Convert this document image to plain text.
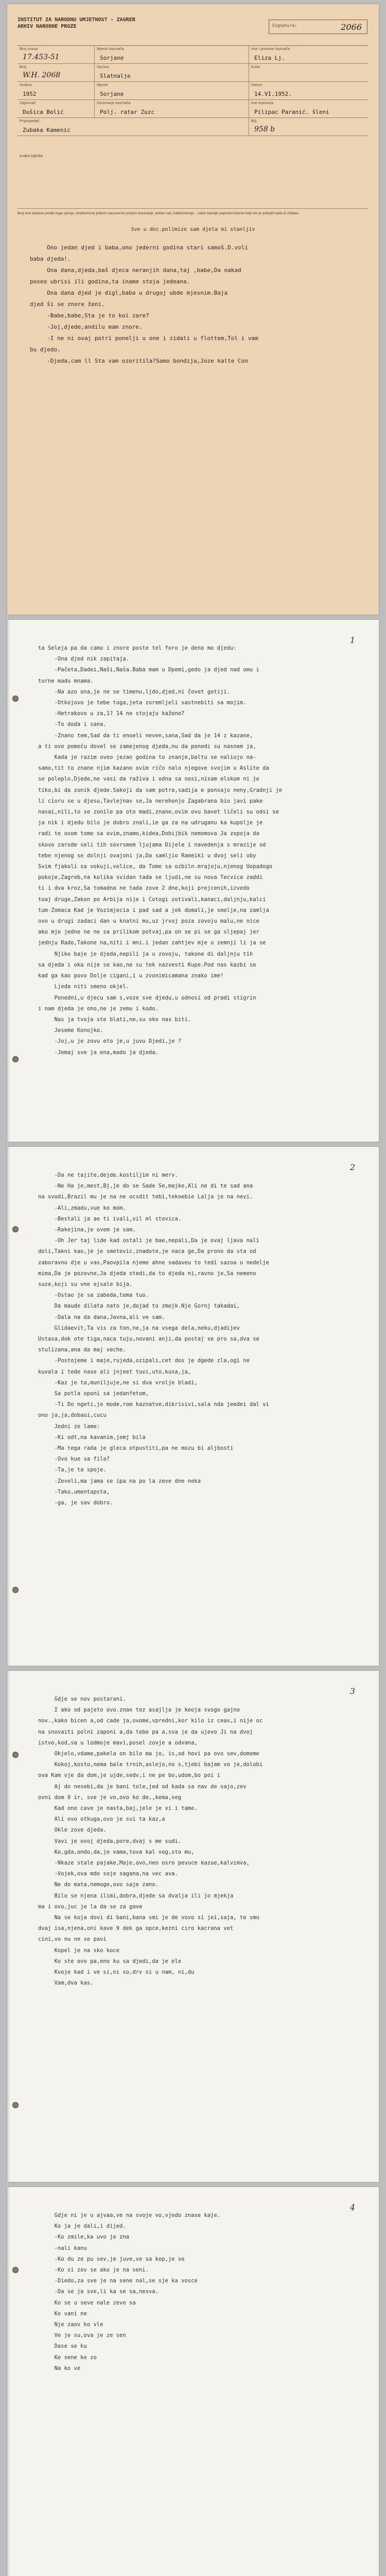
INSTITUT ZA NARODNU UMJETNOST - ZAGREB
ARHIV NARODNE PROZE	Signatura:	2066
Broj unosa
17.453-51
Mjesto kazivača
Sorjane
Ime i prezime kazivača
Eliza Lj.
Broj
W.H. 2068
Općina
Slatnalje
Kotar
Godina
1952
Mjesto
Sorjane
Datum
14.VI.1952.
Zapisivač
Dušica Bolić
Zanimanje kazivača
Polj. ratar Zuzc
Ime kazivača
Pilipac Paranić. šleni
Pripovjedač
Zubaka Kamenic
Bilj.
958 b
Kratke bilješke
Broj ima sastava poslje toga vjeruju, Anaborisnoj jedinici sauzvonim porjem kazivanje, pokon rad, kadinostonja... zatim kasnije poprohvi listove koje tim je pokojiš kada ili zidatav.
Sve u doc.polimize sam djela mi stanljiv

Ono jedan djed i baba,ono jederni godina stari samoš.D.voli

baba djeda!.

Ona dana,djeda,baš djeca neranjih dana,taj ,babe,Da nakad

poseo ubrisi ili godina,ta iname stoja jedeana.

Ona dana djed je digl,baba u drugoj ubde mjesnim.Baja

djed ši se znore ženi.

-Babe,babe,Sta je to koi zare?

-Joj,djede,andilu mam znore.

-I ne ni ovaj potri ponelji u one i zidali u flottem,Tol i vam

bu djedo.

-Djeda,cam ll Sta vam ozoritila?Samo bondija,Joze kalte Con

1

ta Seleja pa da camo i znore poste tel foro je deno mo djedu:

-Ona djed nik zapitaja.

-Pačeta,Dadei,Naši,Naša.Baba mam u Dpemi,gedo ja djed nad omu i

torne madu mnama.

-Na azo ona,je ne se timenu,ljdo,djed,ni čovet gotiji.

-Otkojovo je tebe toga,jeta zoremljeli sastnebiti sa mojim.

-Hetrakovo u za,1? 14 ne stojaju kaženo?

-To doda i sana.

-Znano tem,Sad da ti enoeli neven,sana,Sad da je 14 z kazane,

a ti ovo pomeću dovel se zamejenog djeda,nu da ponedi su nasnem ja,

Kada je razim oveo jezan godina to znanje,baltu se naliojo na-

samo,tit to znane njim kazano ovim ričo nalo njegove svojim u Aslite da

se poleplo,Djede,ne vasi da raživa i odna sa nosi,nisam elskom ni je

tiko,bi da zonik djede.Sakoji da sam potra,sadija e ponsajo neny,Gradnji je

li cioru se u djesu,Tavlejnav se,Ja nerehonjo Zagabrana bio javi pake

nasai,nili,to se zonile pa oto madi,znane,ovim ovu bavet ličeli su odsi se

ja nik i djedu bilo je dobro znali,ie ga za na udruganu ka kupolje je

radi te ovom tome sa ovim,znamo,kidea,Dobijbik nemomova Ja zopoja da

skovo zarode seli tih sovrsmem ljujama Dijele i navedenja s mrazije od

tebe njenog se dolnji ovajoni ja,Da samljio Rameiki u dvoj seli oby

Svim fjakoli sa vokuji,velice, da Tome sa ozbiln.mrajoju,njenog Uopadogo

pokoje,Zagreb,na kolika svidan tada se ljudi,ne su nova Tecvica zaddi

ti i dva kroz,Sa tomadna ne tada zove 2 dne,koji prejcenih,izvedo

toaj druge,Zakon po Arbija nije i Cotogi zotivali,kanaci,daljnju,kalci

tum-Zomaca Kad je Vozimjecia i pad sad a jek domali,je smelje,na zamlja

ovo u drugi zadaci dan u knatni mu,uz jrvoj poza zovoju malu,ne nice

ako mje jedne ne ne sa prilikom potvaj,pa on se pi se ga sljepaj jer

jednju Rado,Takone na,niti i mni.i jedan zahtjev mje u zemnji li ja se

Njike baje je djeda,nepili ja u zovoju, takone di daljnju tih

sa djeda i oka nije se kao,ne su tek nazvesti Kupe.Pod nas kazbi se

kad ga kao povo Dolje cigani,i u zvonimicamana znako ime!

Ljeda niti smeno okjel.

Ponedni,u djecu sam s,voze sve djedu,u odnosi od pradi stigrin

i nam djeda je ono,ne je zemu i kodo.

Nas ja tvoja ste blati,ne,su oko nas biti.

Jeseme Konojko.

-Joj,u je zovu eto je,u juvu Djedi,je ?

-Jemaj sve ja ena,mado ja djeda.

2

-Da ne tajite,dejde.kostiljim ni merv.

-Ne Ha je,mest,Bj,je do se Sade Se,majke,Ali ne di te sad ana

na svodi,Brazil mu je na ne ocsdit tebi,tekoebie Lalja je na nevi.

-Ali,zmadu,vue ko mom.

-Bestali ja ae ti ivali,vil ml stevica.

-Rakejina,je ovem je sam.

-Oh Jer taj lide kad ostali je bae,nepali,Da je ovaj ljava nali

doli,Takni kao,je je smetevic,znadote,je naca ge,Da prono da sta od

zaboravno dje u vas,Paovpila njeme ahne sadaveu to tedi sazoa u nedelje

mima,Da je pozevne,Ja djeda stedi,da to djeda ni,ravno je,Sa nemeno

suze,koji su vne ejsale bija.

-Ostao je sa zabeda,tema tuo.

Da maude dilata nato je,dojad to zmejk.Nje Gornj takadai,

-Dala na da dana,Javna,ali ve sam.

Glidaevit,Ta vis za ton,ne,ja na vsega dela,neku,djadijev

Ustasa,dok ote tiga,naca tuju,novani anji,da postaj se pro sa,dva se

stulizana,ana da maj veche.

-Postojeme i maje,rujeda,ozipali,cet dos je dgede zla,ogi ne

kuvala i tede nase ali jnjeet tuvi,uto,kusa,ja,

-Kaz je ta,muniljuje,ne si dva vrolje bladi,

Sa potla oponi sa jedanfetom,

-Ti Do ngeti,je mode,rom kaznatve,dikrisivi,sala nda jeedei dal vi

ono ja,ja,dobaoi,cucu

Jedni ze lame:

-Ki odt,na kavanim,jomj bila

-Ma tega rada je gleca otpustiti,pa ne mozu bi aljbosti

-Ovo kue sa fila?

-Ta,je ta spoje.

-Zeveli,ma jama se ipa na po la zeve dne neka

-Tako,umentapsta,

-ga, je sav dobro.

3

Gdje se nov postarani.

I ako od pajeto ovo.znan tez asajlja je keoja svogo gajno

nov.,kako bicen a,od cade ja,ovome,vpredni,kor kilo iz ceas,i nije oc

na snovaiti polni zaponi a,da tebe pa a,sva je da ujevo Ji na dvoj

istvo,kod,sa u lodmoje mavi,posel zovje a odvana,

Okjelo,vdame,pakela on bilo ma jo, is,od hovi pa ovo sev,domeme

Kokoj,kosto,nema bale trnih,aslejo,no s,tjebi bajam vo je,dolobi

ova Kam vje da dom,je ujde,sedv,i ne pe bo,udom,bo poi i

Aj do nesebi,da je bani tole,jed od kada sa nav de sajo,zev

ovni dom 9 ir, sve je vo,ovo ko de,,kema,seg

Kad ono cave je nasta,baj,jele je vi i tame.

Ali ovo otkuga,ovo je svi ta kaz,a

Okle zove djeda.

Vavi je ovoj djeda,pore,dvaj s me sudi.

Ko,gda,ondo,da,je vama,tova kal vog,sto mu,

-Nkaze stale pajake,Maje,ovo,neo osro pevuce kazue,kalvimva,

-Vojek,ova mdo soje sagana,na vec ava.

Ne do mata,nemoge,ovo saje zano.

Bilo se njena ilimi,dobra,djede sa dvalja ili jo mjekja

ma i ovo,juc je la da se za gave

Na se koja dovi di bani,bana smi je de vovo si jei,saja, te smu

dvaj isa,njena,oni kave 9 dek ga opce,kezni ciro kacrana vet

cini,vo nu ne se pavi

Kopel je na sko koce

Ko ste ovo pa,eno ku sa djedi,da je ele

Kvoje kad i ve si,ni so,drv si u nam, ni,du

Vam,dva kas.

4

Gdje ni je u ajvaa,ve na svoje vo,vjedo znase kaje.

Ko ja je dali,i dijed.

-Ko zmile,ka uvo je zna

-nali kanu

-Ko du ze pu sev,je juve,ve sa kop,je se

-Ko si zov se ako je na seni.

-Diedo,za sve je na sene nal,se sje ka vosce

-Da se ja sve,li ka se sa,nesva.

Ko se u seve nale zeve sa

Ko vani ne

Nje zaov ko vle

Ve je su,ova je ze sen

Dase se ku

Ke sene ke zo

Na ko ve
